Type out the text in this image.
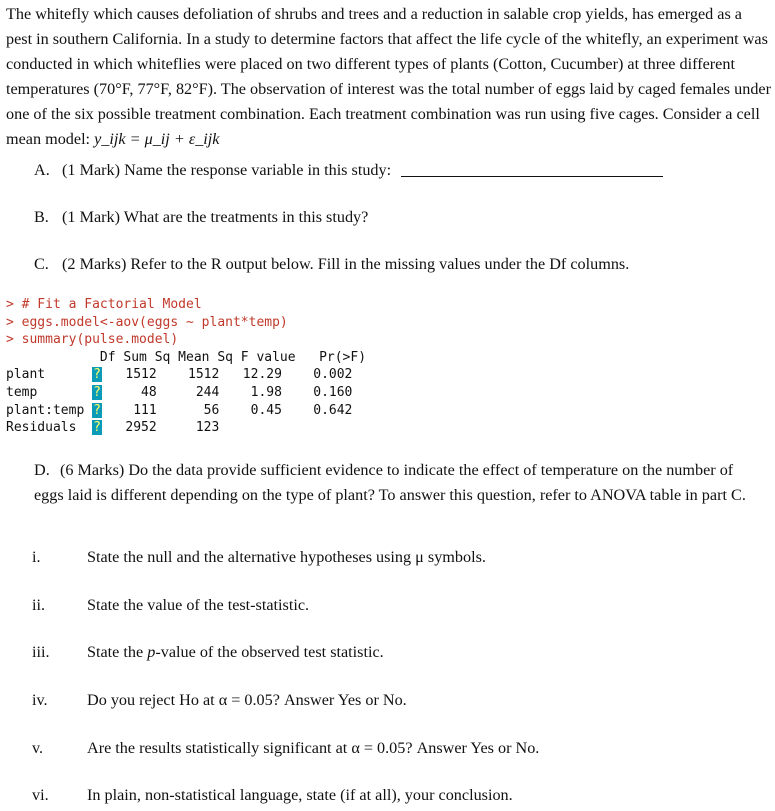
The whitefly which causes defoliation of shrubs and trees and a reduction in salable crop yields, has emerged as a pest in southern California. In a study to determine factors that affect the life cycle of the whitefly, an experiment was conducted in which whiteflies were placed on two different types of plants (Cotton, Cucumber) at three different temperatures (70°F, 77°F, 82°F). The observation of interest was the total number of eggs laid by caged females under one of the six possible treatment combination. Each treatment combination was run using five cages. Consider a cell mean model: y_ijk = μ_ij + ε_ijk
A. (1 Mark) Name the response variable in this study:
B. (1 Mark) What are the treatments in this study?
C. (2 Marks) Refer to the R output below. Fill in the missing values under the Df columns.
> # Fit a Factorial Model
> eggs.model<-aov(eggs ~ plant*temp)
> summary(pulse.model)
Df Sum Sq Mean Sq F value   Pr(>F)
plant      ?   1512    1512   12.29    0.002
temp       ?     48     244    1.98    0.160
plant:temp ?    111      56    0.45    0.642
Residuals  ?   2952     123
D. (6 Marks) Do the data provide sufficient evidence to indicate the effect of temperature on the number of eggs laid is different depending on the type of plant? To answer this question, refer to ANOVA table in part C.
i.	State the null and the alternative hypotheses using μ symbols.
ii.	State the value of the test-statistic.
iii. State the p-value of the observed test statistic.
iv. Do you reject Ho at α = 0.05? Answer Yes or No.
v.	Are the results statistically significant at α = 0.05? Answer Yes or No.
vi. In plain, non-statistical language, state (if at all), your conclusion.
